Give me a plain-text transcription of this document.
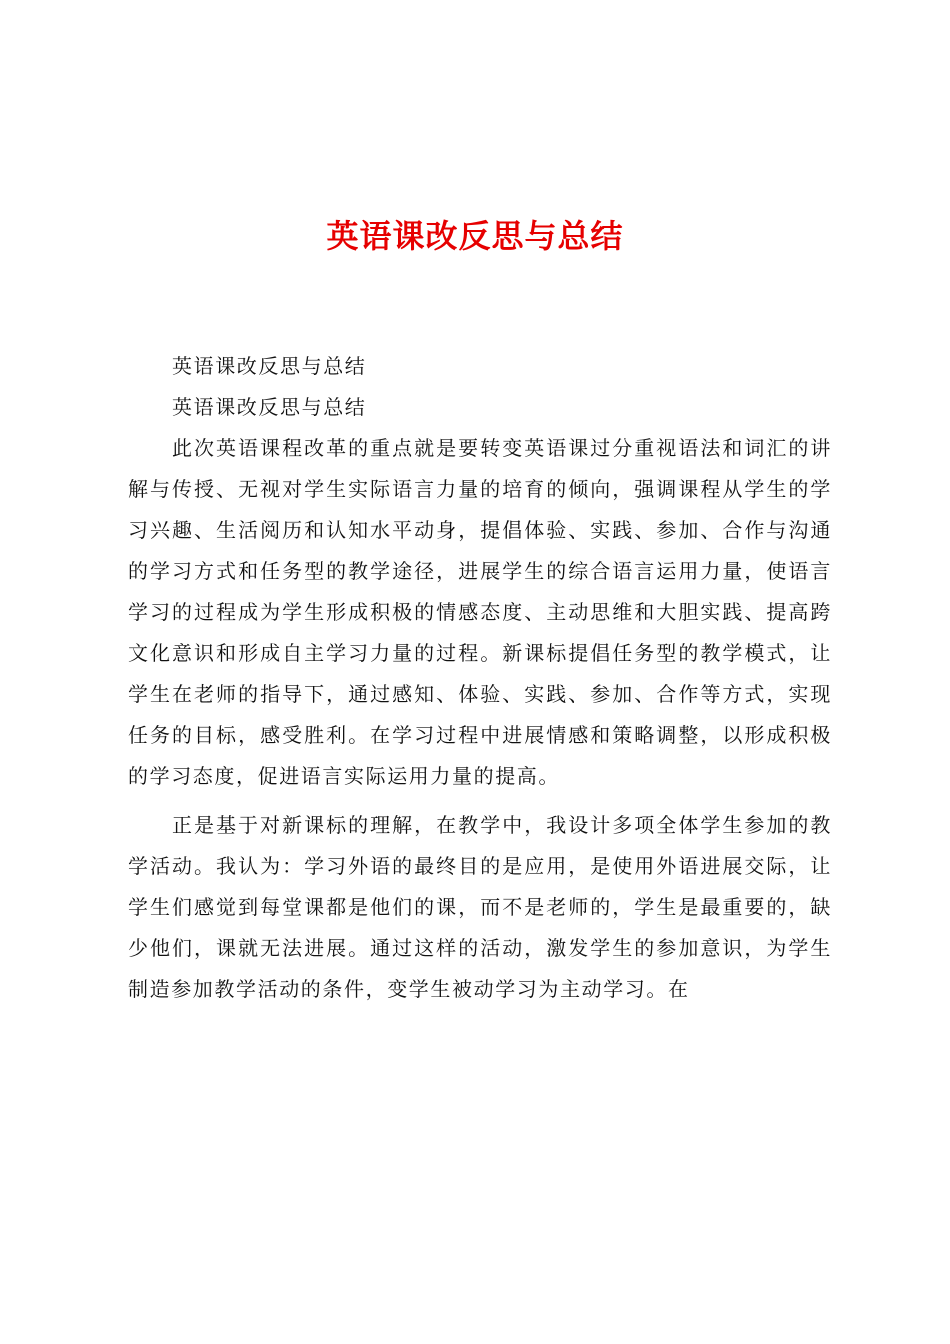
英语课改反思与总结

英语课改反思与总结

英语课改反思与总结

此次英语课程改革的重点就是要转变英语课过分重视语法和词汇的讲解与传授、无视对学生实际语言力量的培育的倾向，强调课程从学生的学习兴趣、生活阅历和认知水平动身，提倡体验、实践、参加、合作与沟通的学习方式和任务型的教学途径，进展学生的综合语言运用力量，使语言学习的过程成为学生形成积极的情感态度、主动思维和大胆实践、提高跨文化意识和形成自主学习力量的过程。新课标提倡任务型的教学模式，让学生在老师的指导下，通过感知、体验、实践、参加、合作等方式，实现任务的目标，感受胜利。在学习过程中进展情感和策略调整，以形成积极的学习态度，促进语言实际运用力量的提高。

正是基于对新课标的理解，在教学中，我设计多项全体学生参加的教学活动。我认为：学习外语的最终目的是应用，是使用外语进展交际，让学生们感觉到每堂课都是他们的课，而不是老师的，学生是最重要的，缺少他们，课就无法进展。通过这样的活动，激发学生的参加意识，为学生制造参加教学活动的条件，变学生被动学习为主动学习。在
